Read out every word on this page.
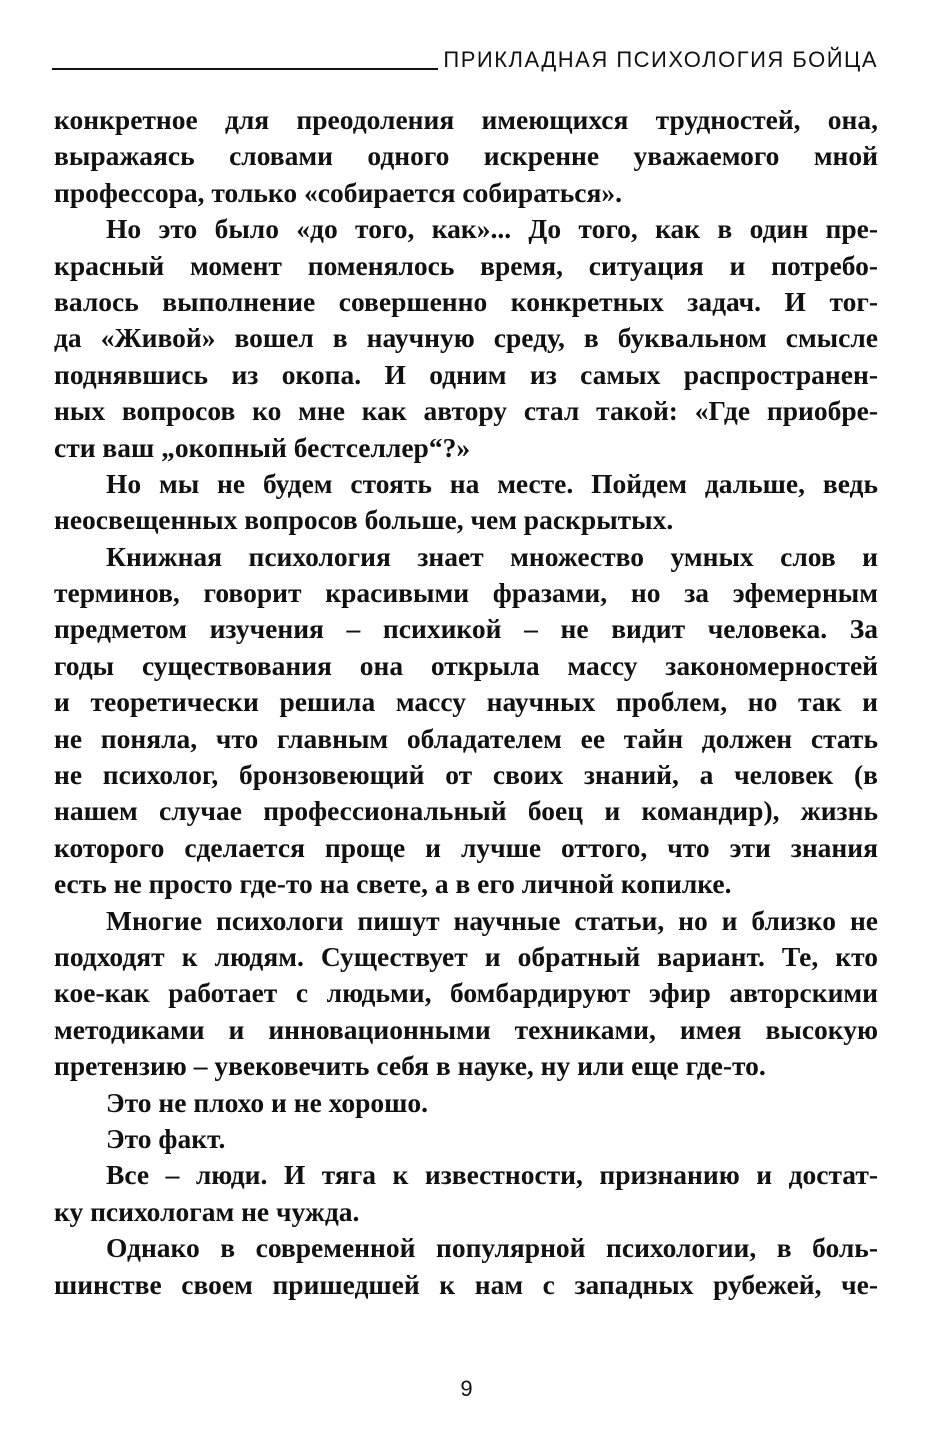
ПРИКЛАДНАЯ ПСИХОЛОГИЯ БОЙЦА
конкретное для преодоления имеющихся трудностей, она,
выражаясь словами одного искренне уважаемого мной
профессора, только «собирается собираться».
Но это было «до того, как»... До того, как в один пре-
красный момент поменялось время, ситуация и потребо-
валось выполнение совершенно конкретных задач. И тог-
да «Живой» вошел в научную среду, в буквальном смысле
поднявшись из окопа. И одним из самых распространен-
ных вопросов ко мне как автору стал такой: «Где приобре-
сти ваш „окопный бестселлер“?»
Но мы не будем стоять на месте. Пойдем дальше, ведь
неосвещенных вопросов больше, чем раскрытых.
Книжная психология знает множество умных слов и
терминов, говорит красивыми фразами, но за эфемерным
предметом изучения – психикой – не видит человека. За
годы существования она открыла массу закономерностей
и теоретически решила массу научных проблем, но так и
не поняла, что главным обладателем ее тайн должен стать
не психолог, бронзовеющий от своих знаний, а человек (в
нашем случае профессиональный боец и командир), жизнь
которого сделается проще и лучше оттого, что эти знания
есть не просто где-то на свете, а в его личной копилке.
Многие психологи пишут научные статьи, но и близко не
подходят к людям. Существует и обратный вариант. Те, кто
кое-как работает с людьми, бомбардируют эфир авторскими
методиками и инновационными техниками, имея высокую
претензию – увековечить себя в науке, ну или еще где-то.
Это не плохо и не хорошо.
Это факт.
Все – люди. И тяга к известности, признанию и достат-
ку психологам не чужда.
Однако в современной популярной психологии, в боль-
шинстве своем пришедшей к нам с западных рубежей, че-
9
